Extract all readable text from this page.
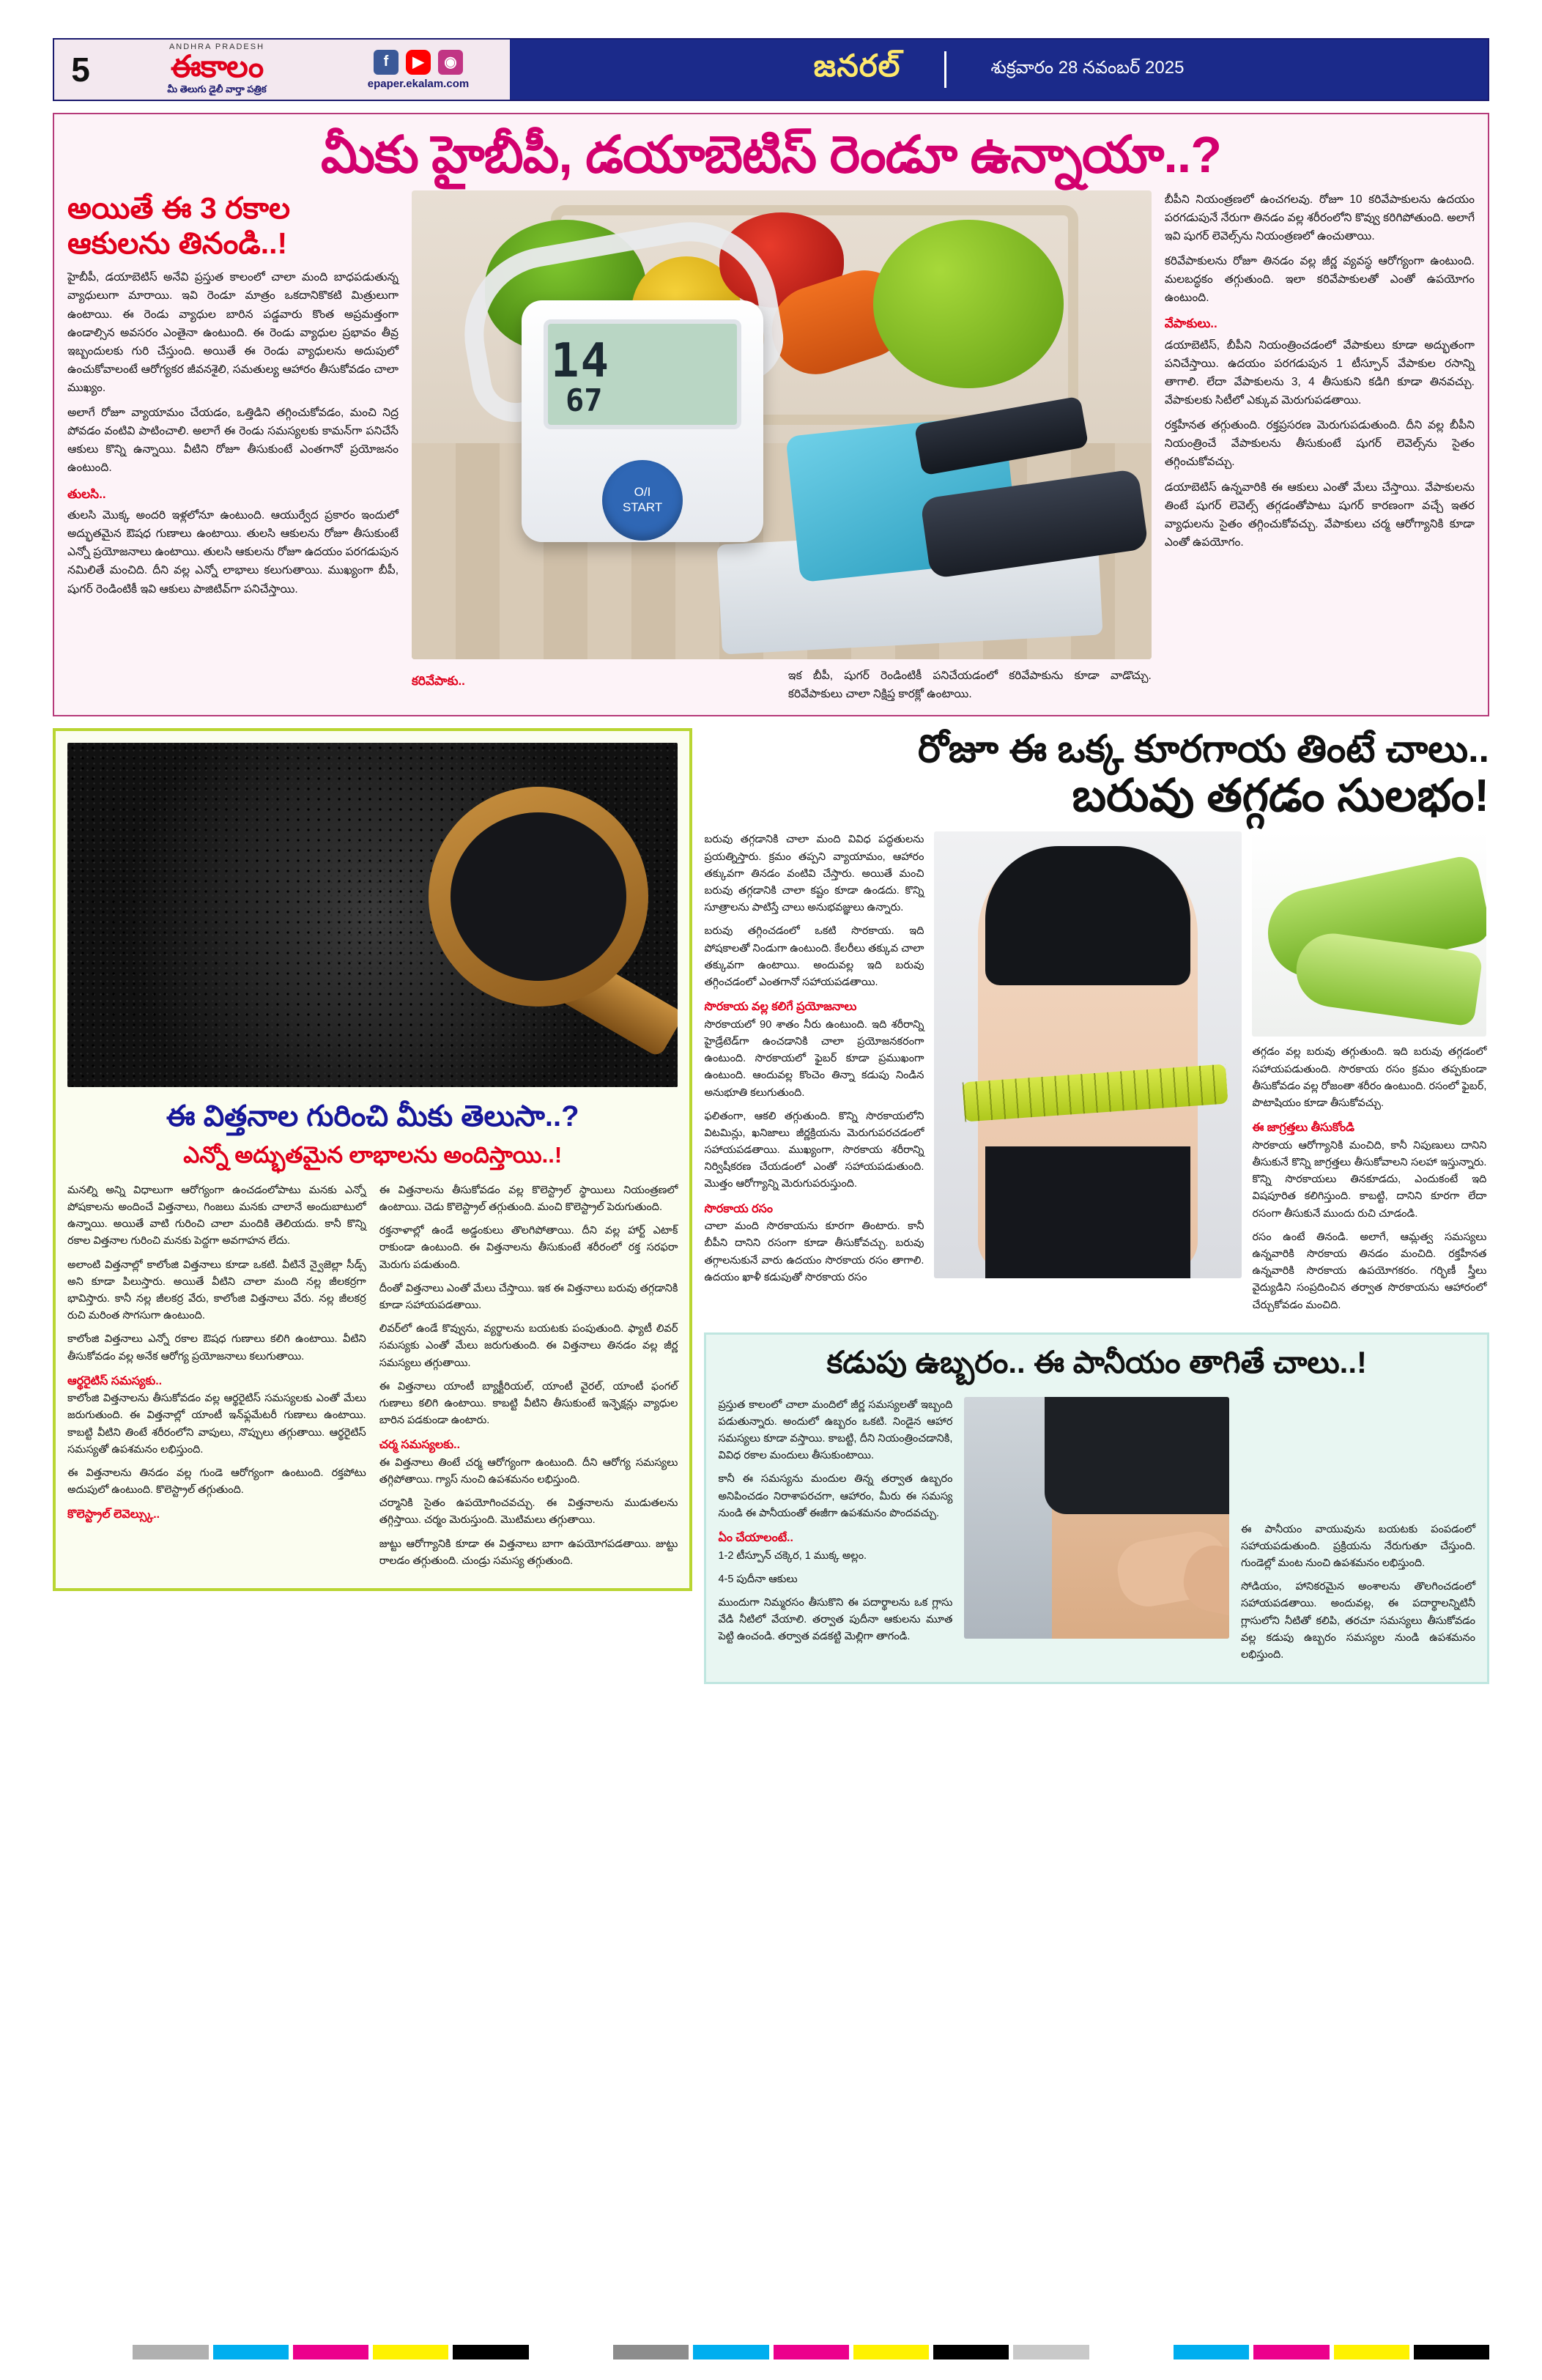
5
ANDHRA PRADESH
ఈకాలం
మీ తెలుగు డైలీ వార్తా పత్రిక
f	▶	◉
epaper.ekalam.com
జనరల్	శుక్రవారం 28 నవంబర్ 2025
మీకు హైబీపీ, డయాబెటిస్ రెండూ ఉన్నాయా..?
అయితే ఈ 3 రకాల ఆకులను తినండి..!

హైబీపీ, డయాబెటిస్ అనేవి ప్రస్తుత కాలంలో చాలా మంది బాధపడుతున్న వ్యాధులుగా మారాయి. ఇవి రెండూ మాత్రం ఒకదానికొకటి మిత్రులుగా ఉంటాయి. ఈ రెండు వ్యాధుల బారిన పడ్డవారు కొంత అప్రమత్తంగా ఉండాల్సిన అవసరం ఎంతైనా ఉంటుంది. ఈ రెండు వ్యాధుల ప్రభావం తీవ్ర ఇబ్బందులకు గురి చేస్తుంది. అయితే ఈ రెండు వ్యాధులను అదుపులో ఉంచుకోవాలంటే ఆరోగ్యకర జీవనశైలి, సమతుల్య ఆహారం తీసుకోవడం చాలా ముఖ్యం.

అలాగే రోజూ వ్యాయామం చేయడం, ఒత్తిడిని తగ్గించుకోవడం, మంచి నిద్ర పోవడం వంటివి పాటించాలి. అలాగే ఈ రెండు సమస్యలకు కామన్‌గా పనిచేసే ఆకులు కొన్ని ఉన్నాయి. వీటిని రోజూ తీసుకుంటే ఎంతగానో ప్రయోజనం ఉంటుంది.

తులసి..

తులసి మొక్క అందరి ఇళ్లలోనూ ఉంటుంది. ఆయుర్వేద ప్రకారం ఇందులో అద్భుతమైన ఔషధ గుణాలు ఉంటాయి. తులసి ఆకులను రోజూ తీసుకుంటే ఎన్నో ప్రయోజనాలు ఉంటాయి. తులసి ఆకులను రోజూ ఉదయం పరగడుపున నమిలితే మంచిది. దీని వల్ల ఎన్నో లాభాలు కలుగుతాయి. ముఖ్యంగా బీపీ, షుగర్ రెండింటికీ ఇవి ఆకులు పాజిటివ్‌గా పనిచేస్తాయి.

14
67
O/I
START
కరివేపాకు..	ఇక బీపీ, షుగర్ రెండింటికీ పనిచేయడంలో కరివేపాకును కూడా వాడొచ్చు. కరివేపాకులు చాలా నిక్షిప్త కారక్లో ఉంటాయి.

బీపీని నియంత్రణలో ఉంచగలవు. రోజూ 10 కరివేపాకులను ఉదయం పరగడుపునే నేరుగా తినడం వల్ల శరీరంలోని కొవ్వు కరిగిపోతుంది. అలాగే ఇవి షుగర్ లెవెల్స్‌ను నియంత్రణలో ఉంచుతాయి.

కరివేపాకులను రోజూ తినడం వల్ల జీర్ణ వ్యవస్థ ఆరోగ్యంగా ఉంటుంది. మలబద్ధకం తగ్గుతుంది. ఇలా కరివేపాకులతో ఎంతో ఉపయోగం ఉంటుంది.

వేపాకులు..

డయాబెటిస్, బీపీని నియంత్రించడంలో వేపాకులు కూడా అద్భుతంగా పనిచేస్తాయి. ఉదయం పరగడుపున 1 టీస్పూన్ వేపాకుల రసాన్ని తాగాలి. లేదా వేపాకులను 3, 4 తీసుకుని కడిగి కూడా తినవచ్చు. వేపాకులకు సిటీలో ఎక్కువ మెరుగుపడతాయి.

రక్తహీనత తగ్గుతుంది. రక్తప్రసరణ మెరుగుపడుతుంది. దీని వల్ల బీపీని నియంత్రించే వేపాకులను తీసుకుంటే షుగర్ లెవెల్స్‌ను సైతం తగ్గించుకోవచ్చు.

డయాబెటిస్ ఉన్నవారికి ఈ ఆకులు ఎంతో మేలు చేస్తాయి. వేపాకులను తింటే షుగర్ లెవెల్స్ తగ్గడంతోపాటు షుగర్ కారణంగా వచ్చే ఇతర వ్యాధులను సైతం తగ్గించుకోవచ్చు. వేపాకులు చర్మ ఆరోగ్యానికి కూడా ఎంతో ఉపయోగం.

ఈ విత్తనాల గురించి మీకు తెలుసా..?
ఎన్నో అద్భుతమైన లాభాలను అందిస్తాయి..!

మనల్ని అన్ని విధాలుగా ఆరోగ్యంగా ఉంచడంలోపాటు మనకు ఎన్నో పోషకాలను అందించే విత్తనాలు, గింజలు మనకు చాలానే అందుబాటులో ఉన్నాయి. అయితే వాటి గురించి చాలా మందికి తెలియదు. కానీ కొన్ని రకాల విత్తనాల గురించి మనకు పెద్దగా అవగాహన లేదు.

అలాంటి విత్తనాల్లో కాలోంజి విత్తనాలు కూడా ఒకటి. వీటినే న్వైజెల్లా సీడ్స్ అని కూడా పిలుస్తారు. అయితే వీటిని చాలా మంది నల్ల జీలకర్రగా భావిస్తారు. కానీ నల్ల జీలకర్ర వేరు, కాలోంజి విత్తనాలు వేరు. నల్ల జీలకర్ర రుచి మరింత సొగసుగా ఉంటుంది.

కాలోంజి విత్తనాలు ఎన్నో రకాల ఔషధ గుణాలు కలిగి ఉంటాయి. వీటిని తీసుకోవడం వల్ల అనేక ఆరోగ్య ప్రయోజనాలు కలుగుతాయి.

ఆర్థరైటిస్ సమస్యకు..

కాలోంజి విత్తనాలను తీసుకోవడం వల్ల ఆర్థరైటిస్ సమస్యలకు ఎంతో మేలు జరుగుతుంది. ఈ విత్తనాల్లో యాంటీ ఇన్‌ఫ్లమేటరీ గుణాలు ఉంటాయి. కాబట్టి వీటిని తింటే శరీరంలోని వాపులు, నొప్పులు తగ్గుతాయి. ఆర్థరైటిస్ సమస్యతో ఉపశమనం లభిస్తుంది.

ఈ విత్తనాలను తినడం వల్ల గుండె ఆరోగ్యంగా ఉంటుంది. రక్తపోటు అదుపులో ఉంటుంది. కొలెస్ట్రాల్ తగ్గుతుంది.

కొలెస్ట్రాల్ లెవెల్స్కు..

ఈ విత్తనాలను తీసుకోవడం వల్ల కొలెస్ట్రాల్ స్థాయిలు నియంత్రణలో ఉంటాయి. చెడు కొలెస్ట్రాల్ తగ్గుతుంది. మంచి కొలెస్ట్రాల్ పెరుగుతుంది.

రక్తనాళాల్లో ఉండే అడ్డంకులు తొలగిపోతాయి. దీని వల్ల హార్ట్ ఎటాక్ రాకుండా ఉంటుంది. ఈ విత్తనాలను తీసుకుంటే శరీరంలో రక్త సరఫరా మెరుగు పడుతుంది.

దీంతో విత్తనాలు ఎంతో మేలు చేస్తాయి. ఇక ఈ విత్తనాలు బరువు తగ్గడానికి కూడా సహాయపడతాయి.

లివర్‌లో ఉండే కొవ్వును, వ్యర్థాలను బయటకు పంపుతుంది. ఫ్యాటీ లివర్ సమస్యకు ఎంతో మేలు జరుగుతుంది. ఈ విత్తనాలు తినడం వల్ల జీర్ణ సమస్యలు తగ్గుతాయి.

ఈ విత్తనాలు యాంటీ బ్యాక్టీరియల్, యాంటీ వైరల్, యాంటీ ఫంగల్ గుణాలు కలిగి ఉంటాయి. కాబట్టి వీటిని తీసుకుంటే ఇన్ఫెక్షన్లు వ్యాధుల బారిన పడకుండా ఉంటారు.

చర్మ సమస్యలకు..

ఈ విత్తనాలు తింటే చర్మ ఆరోగ్యంగా ఉంటుంది. దీని ఆరోగ్య సమస్యలు తగ్గిపోతాయి. గ్యాస్ నుంచి ఉపశమనం లభిస్తుంది.

చర్మానికి సైతం ఉపయోగించవచ్చు. ఈ విత్తనాలను ముడుతలను తగ్గిస్తాయి. చర్మం మెరుస్తుంది. మొటిమలు తగ్గుతాయి.

జుట్టు ఆరోగ్యానికి కూడా ఈ విత్తనాలు బాగా ఉపయోగపడతాయి. జుట్టు రాలడం తగ్గుతుంది. చుండ్రు సమస్య తగ్గుతుంది.

రోజూ ఈ ఒక్క కూరగాయ తింటే చాలు..
బరువు తగ్గడం సులభం!

బరువు తగ్గడానికి చాలా మంది వివిధ పద్ధతులను ప్రయత్నిస్తారు. క్రమం తప్పని వ్యాయామం, ఆహారం తక్కువగా తినడం వంటివి చేస్తారు. అయితే మంచి బరువు తగ్గడానికి చాలా కష్టం కూడా ఉండదు. కొన్ని సూత్రాలను పాటిస్తే చాలు అనుభవజ్ఞులు ఉన్నారు.

బరువు తగ్గించడంలో ఒకటి సొరకాయ. ఇది పోషకాలతో నిండుగా ఉంటుంది. కేలరీలు తక్కువ చాలా తక్కువగా ఉంటాయి. అందువల్ల ఇది బరువు తగ్గించడంలో ఎంతగానో సహాయపడతాయి.

సొరకాయ వల్ల కలిగే ప్రయోజనాలు

సొరకాయలో 90 శాతం నీరు ఉంటుంది. ఇది శరీరాన్ని హైడ్రేటెడ్‌గా ఉంచడానికి చాలా ప్రయోజనకరంగా ఉంటుంది. సొరకాయలో ఫైబర్ కూడా ప్రముఖంగా ఉంటుంది. ఆందువల్ల కొంచెం తిన్నా కడుపు నిండిన అనుభూతి కలుగుతుంది.

ఫలితంగా, ఆకలి తగ్గుతుంది. కొన్ని సొరకాయలోని విటమిన్లు, ఖనిజాలు జీర్ణక్రియను మెరుగుపరచడంలో సహాయపడతాయి. ముఖ్యంగా, సొరకాయ శరీరాన్ని నిర్విషీకరణ చేయడంలో ఎంతో సహాయపడుతుంది. మొత్తం ఆరోగ్యాన్ని మెరుగుపరుస్తుంది.

సొరకాయ రసం

చాలా మంది సొరకాయను కూరగా తింటారు. కానీ బీపీని దానిని రసంగా కూడా తీసుకోవచ్చు. బరువు తగ్గాలనుకునే వారు ఉదయం సొరకాయ రసం తాగాలి. ఉదయం ఖాళీ కడుపుతో సొరకాయ రసం

తగ్గడం వల్ల బరువు తగ్గుతుంది. ఇది బరువు తగ్గడంలో సహాయపడుతుంది. సొరకాయ రసం క్రమం తప్పకుండా తీసుకోవడం వల్ల రోజంతా శరీరం ఉంటుంది. రసంలో ఫైబర్, పొటాషియం కూడా తీసుకోవచ్చు.

ఈ జాగ్రత్తలు తీసుకోండి

సొరకాయ ఆరోగ్యానికి మంచిది, కానీ నిపుణులు దానిని తీసుకునే కొన్ని జాగ్రత్తలు తీసుకోవాలని సలహా ఇస్తున్నారు. కొన్ని సొరకాయలు తినకూడదు, ఎందుకంటే ఇది విషపూరిత కలిగిస్తుంది. కాబట్టి, దానిని కూరగా లేదా రసంగా తీసుకునే ముందు రుచి చూడండి.

రసం ఉంటే తినండి. అలాగే, ఆమ్లత్వ సమస్యలు ఉన్నవారికి సొరకాయ తినడం మంచిది. రక్తహీనత ఉన్నవారికి సొరకాయ ఉపయోగకరం. గర్భిణీ స్త్రీలు వైద్యుడిని సంప్రదించిన తర్వాత సొరకాయను ఆహారంలో చేర్చుకోవడం మంచిది.

కడుపు ఉబ్బరం.. ఈ పానీయం తాగితే చాలు..!

ప్రస్తుత కాలంలో చాలా మందిలో జీర్ణ సమస్యలతో ఇబ్బంది పడుతున్నారు. అందులో ఉబ్బరం ఒకటి. నిండైన ఆహార సమస్యలు కూడా వస్తాయి. కాబట్టి, దీని నియంత్రించడానికి, వివిధ రకాల మందులు తీసుకుంటాయి.

కానీ ఈ సమస్యను మందుల తిన్న తర్వాత ఉబ్బరం అనిపించడం నిరాశాపరచగా, ఆహారం, మీరు ఈ సమస్య నుండి ఈ పానీయంతో ఈజీగా ఉపశమనం పొందవచ్చు.

ఏం చేయాలంటే..

1-2 టీస్పూన్ చక్కెర, 1 ముక్క అల్లం.

4-5 పుదీనా ఆకులు

ముందుగా నిమ్మరసం తీసుకొని ఈ పదార్థాలను ఒక గ్లాసు వేడి నీటిలో వేయాలి. తర్వాత పుదీనా ఆకులను మూత పెట్టి ఉంచండి. తర్వాత వడకట్టి మెల్లిగా తాగండి.

ఈ పానీయం వాయువును బయటకు పంపడంలో సహాయపడుతుంది. ప్రక్రియను నేరుగుతూ చేస్తుంది. గుండెల్లో మంట నుంచి ఉపశమనం లభిస్తుంది.

సోడియం, హానికరమైన అంశాలను తొలగించడంలో సహాయపడతాయి. అందువల్ల, ఈ పదార్థాలన్నిటినీ గ్లాసులోని నీటితో కలిపి, తరచూ సమస్యలు తీసుకోవడం వల్ల కడుపు ఉబ్బరం సమస్యల నుండి ఉపశమనం లభిస్తుంది.
